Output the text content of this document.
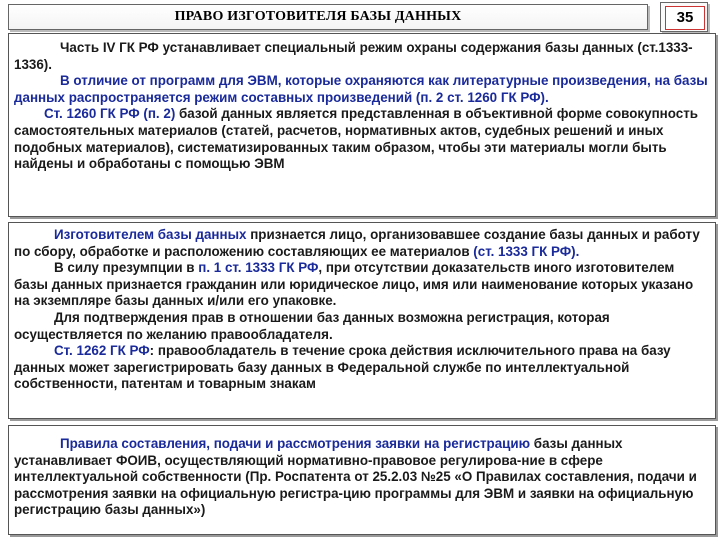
ПРАВО ИЗГОТОВИТЕЛЯ БАЗЫ ДАННЫХ	35

Часть IV ГК РФ устанавливает специальный режим охраны содержания базы данных (ст.1333-1336).

В отличие от программ для ЭВМ, которые охраняются как литературные произведения, на базы данных распространяется режим составных произведений (п. 2 ст. 1260 ГК РФ).

Ст. 1260 ГК РФ (п. 2) базой данных является представленная в объективной форме совокупность самостоятельных материалов (статей, расчетов, нормативных актов, судебных решений и иных подобных материалов), систематизированных таким образом, чтобы эти материалы могли быть найдены и обработаны с помощью ЭВМ

Изготовителем базы данных признается лицо, организовавшее создание базы данных и работу по сбору, обработке и расположению составляющих ее материалов (ст. 1333 ГК РФ).

В силу презумпции в п. 1 ст. 1333 ГК РФ, при отсутствии доказательств иного изготовителем базы данных признается гражданин или юридическое лицо, имя или наименование которых указано на экземпляре базы данных и/или его упаковке.

Для подтверждения прав в отношении баз данных возможна регистрация, которая осуществляется по желанию правообладателя.

Ст. 1262 ГК РФ: правообладатель в течение срока действия исключительного права на базу данных может зарегистрировать базу данных в Федеральной службе по интеллектуальной собственности, патентам и товарным знакам

Правила составления, подачи и рассмотрения заявки на регистрацию базы данных устанавливает ФОИВ, осуществляющий нормативно-правовое регулирова-ние в сфере интеллектуальной собственности (Пр. Роспатента от 25.2.03 №25 «О Правилах составления, подачи и рассмотрения заявки на официальную регистра-цию программы для ЭВМ и заявки на официальную регистрацию базы данных»)
